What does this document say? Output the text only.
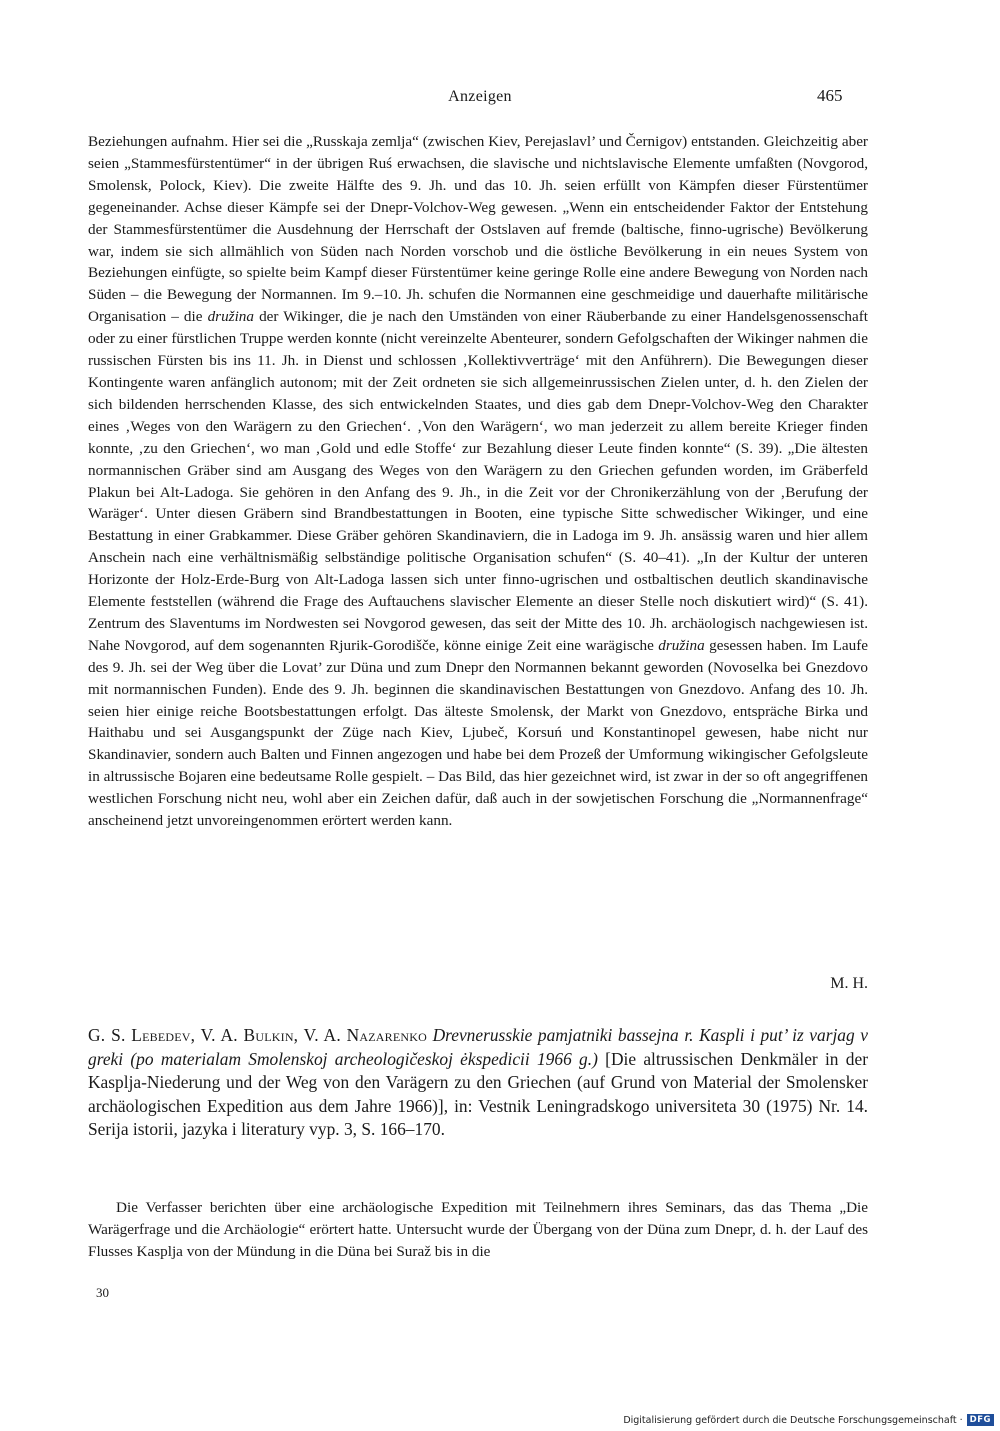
Anzeigen	465

Beziehungen aufnahm. Hier sei die „Russkaja zemlja“ (zwischen Kiev, Perejaslavl’ und Černigov) entstanden. Gleichzeitig aber seien „Stammesfürstentümer“ in der übrigen Ruś erwachsen, die slavische und nichtslavische Elemente umfaßten (Novgorod, Smolensk, Polock, Kiev). Die zweite Hälfte des 9. Jh. und das 10. Jh. seien erfüllt von Kämpfen dieser Fürstentümer gegeneinander. Achse dieser Kämpfe sei der Dnepr-Volchov-Weg gewesen. „Wenn ein entscheidender Faktor der Entstehung der Stammesfürstentümer die Ausdehnung der Herrschaft der Ostslaven auf fremde (baltische, finno-ugrische) Bevölkerung war, indem sie sich allmählich von Süden nach Norden vorschob und die östliche Bevölkerung in ein neues System von Beziehungen einfügte, so spielte beim Kampf dieser Fürstentümer keine geringe Rolle eine andere Bewegung von Norden nach Süden – die Bewegung der Normannen. Im 9.–10. Jh. schufen die Normannen eine geschmeidige und dauerhafte militärische Organisation – die družina der Wikinger, die je nach den Umständen von einer Räuberbande zu einer Handelsgenossenschaft oder zu einer fürstlichen Truppe werden konnte (nicht vereinzelte Abenteurer, sondern Gefolgschaften der Wikinger nahmen die russischen Fürsten bis ins 11. Jh. in Dienst und schlossen ‚Kollektivverträge‘ mit den Anführern). Die Bewegungen dieser Kontingente waren anfänglich autonom; mit der Zeit ordneten sie sich allgemeinrussischen Zielen unter, d. h. den Zielen der sich bildenden herrschenden Klasse, des sich entwickelnden Staates, und dies gab dem Dnepr-Volchov-Weg den Charakter eines ‚Weges von den Warägern zu den Griechen‘. ‚Von den Warägern‘, wo man jederzeit zu allem bereite Krieger finden konnte, ‚zu den Griechen‘, wo man ‚Gold und edle Stoffe‘ zur Bezahlung dieser Leute finden konnte“ (S. 39). „Die ältesten normannischen Gräber sind am Ausgang des Weges von den Warägern zu den Griechen gefunden worden, im Gräberfeld Plakun bei Alt-Ladoga. Sie gehören in den Anfang des 9. Jh., in die Zeit vor der Chronikerzählung von der ‚Berufung der Waräger‘. Unter diesen Gräbern sind Brandbestattungen in Booten, eine typische Sitte schwedischer Wikinger, und eine Bestattung in einer Grabkammer. Diese Gräber gehören Skandinaviern, die in Ladoga im 9. Jh. ansässig waren und hier allem Anschein nach eine verhältnismäßig selbständige politische Organisation schufen“ (S. 40–41). „In der Kultur der unteren Horizonte der Holz-Erde-Burg von Alt-Ladoga lassen sich unter finno-ugrischen und ostbaltischen deutlich skandinavische Elemente feststellen (während die Frage des Auftauchens slavischer Elemente an dieser Stelle noch diskutiert wird)“ (S. 41). Zentrum des Slaventums im Nordwesten sei Novgorod gewesen, das seit der Mitte des 10. Jh. archäologisch nachgewiesen ist. Nahe Novgorod, auf dem sogenannten Rjurik-Gorodišče, könne einige Zeit eine warägische družina gesessen haben. Im Laufe des 9. Jh. sei der Weg über die Lovat’ zur Düna und zum Dnepr den Normannen bekannt geworden (Novoselka bei Gnezdovo mit normannischen Funden). Ende des 9. Jh. beginnen die skandinavischen Bestattungen von Gnezdovo. Anfang des 10. Jh. seien hier einige reiche Bootsbestattungen erfolgt. Das älteste Smolensk, der Markt von Gnezdovo, entspräche Birka und Haithabu und sei Ausgangspunkt der Züge nach Kiev, Ljubeč, Korsuń und Konstantinopel gewesen, habe nicht nur Skandinavier, sondern auch Balten und Finnen angezogen und habe bei dem Prozeß der Umformung wikingischer Gefolgsleute in altrussische Bojaren eine bedeutsame Rolle gespielt. – Das Bild, das hier gezeichnet wird, ist zwar in der so oft angegriffenen westlichen Forschung nicht neu, wohl aber ein Zeichen dafür, daß auch in der sowjetischen Forschung die „Normannenfrage“ anscheinend jetzt unvoreingenommen erörtert werden kann.

M. H.

G. S. Lebedev, V. A. Bulkin, V. A. Nazarenko Drevnerusskie pamjatniki bassejna r. Kaspli i put’ iz varjag v greki (po materialam Smolenskoj archeologičeskoj ėkspedicii 1966 g.) [Die altrussischen Denkmäler in der Kasplja-Niederung und der Weg von den Varägern zu den Griechen (auf Grund von Material der Smolensker archäologischen Expedition aus dem Jahre 1966)], in: Vestnik Leningradskogo universiteta 30 (1975) Nr. 14. Serija istorii, jazyka i literatury vyp. 3, S. 166–170.

Die Verfasser berichten über eine archäologische Expedition mit Teilnehmern ihres Seminars, das das Thema „Die Warägerfrage und die Archäologie“ erörtert hatte. Untersucht wurde der Übergang von der Düna zum Dnepr, d. h. der Lauf des Flusses Kasplja von der Mündung in die Düna bei Surаž bis in die

30
Digitalisierung gefördert durch die Deutsche Forschungsgemeinschaft · DFG
